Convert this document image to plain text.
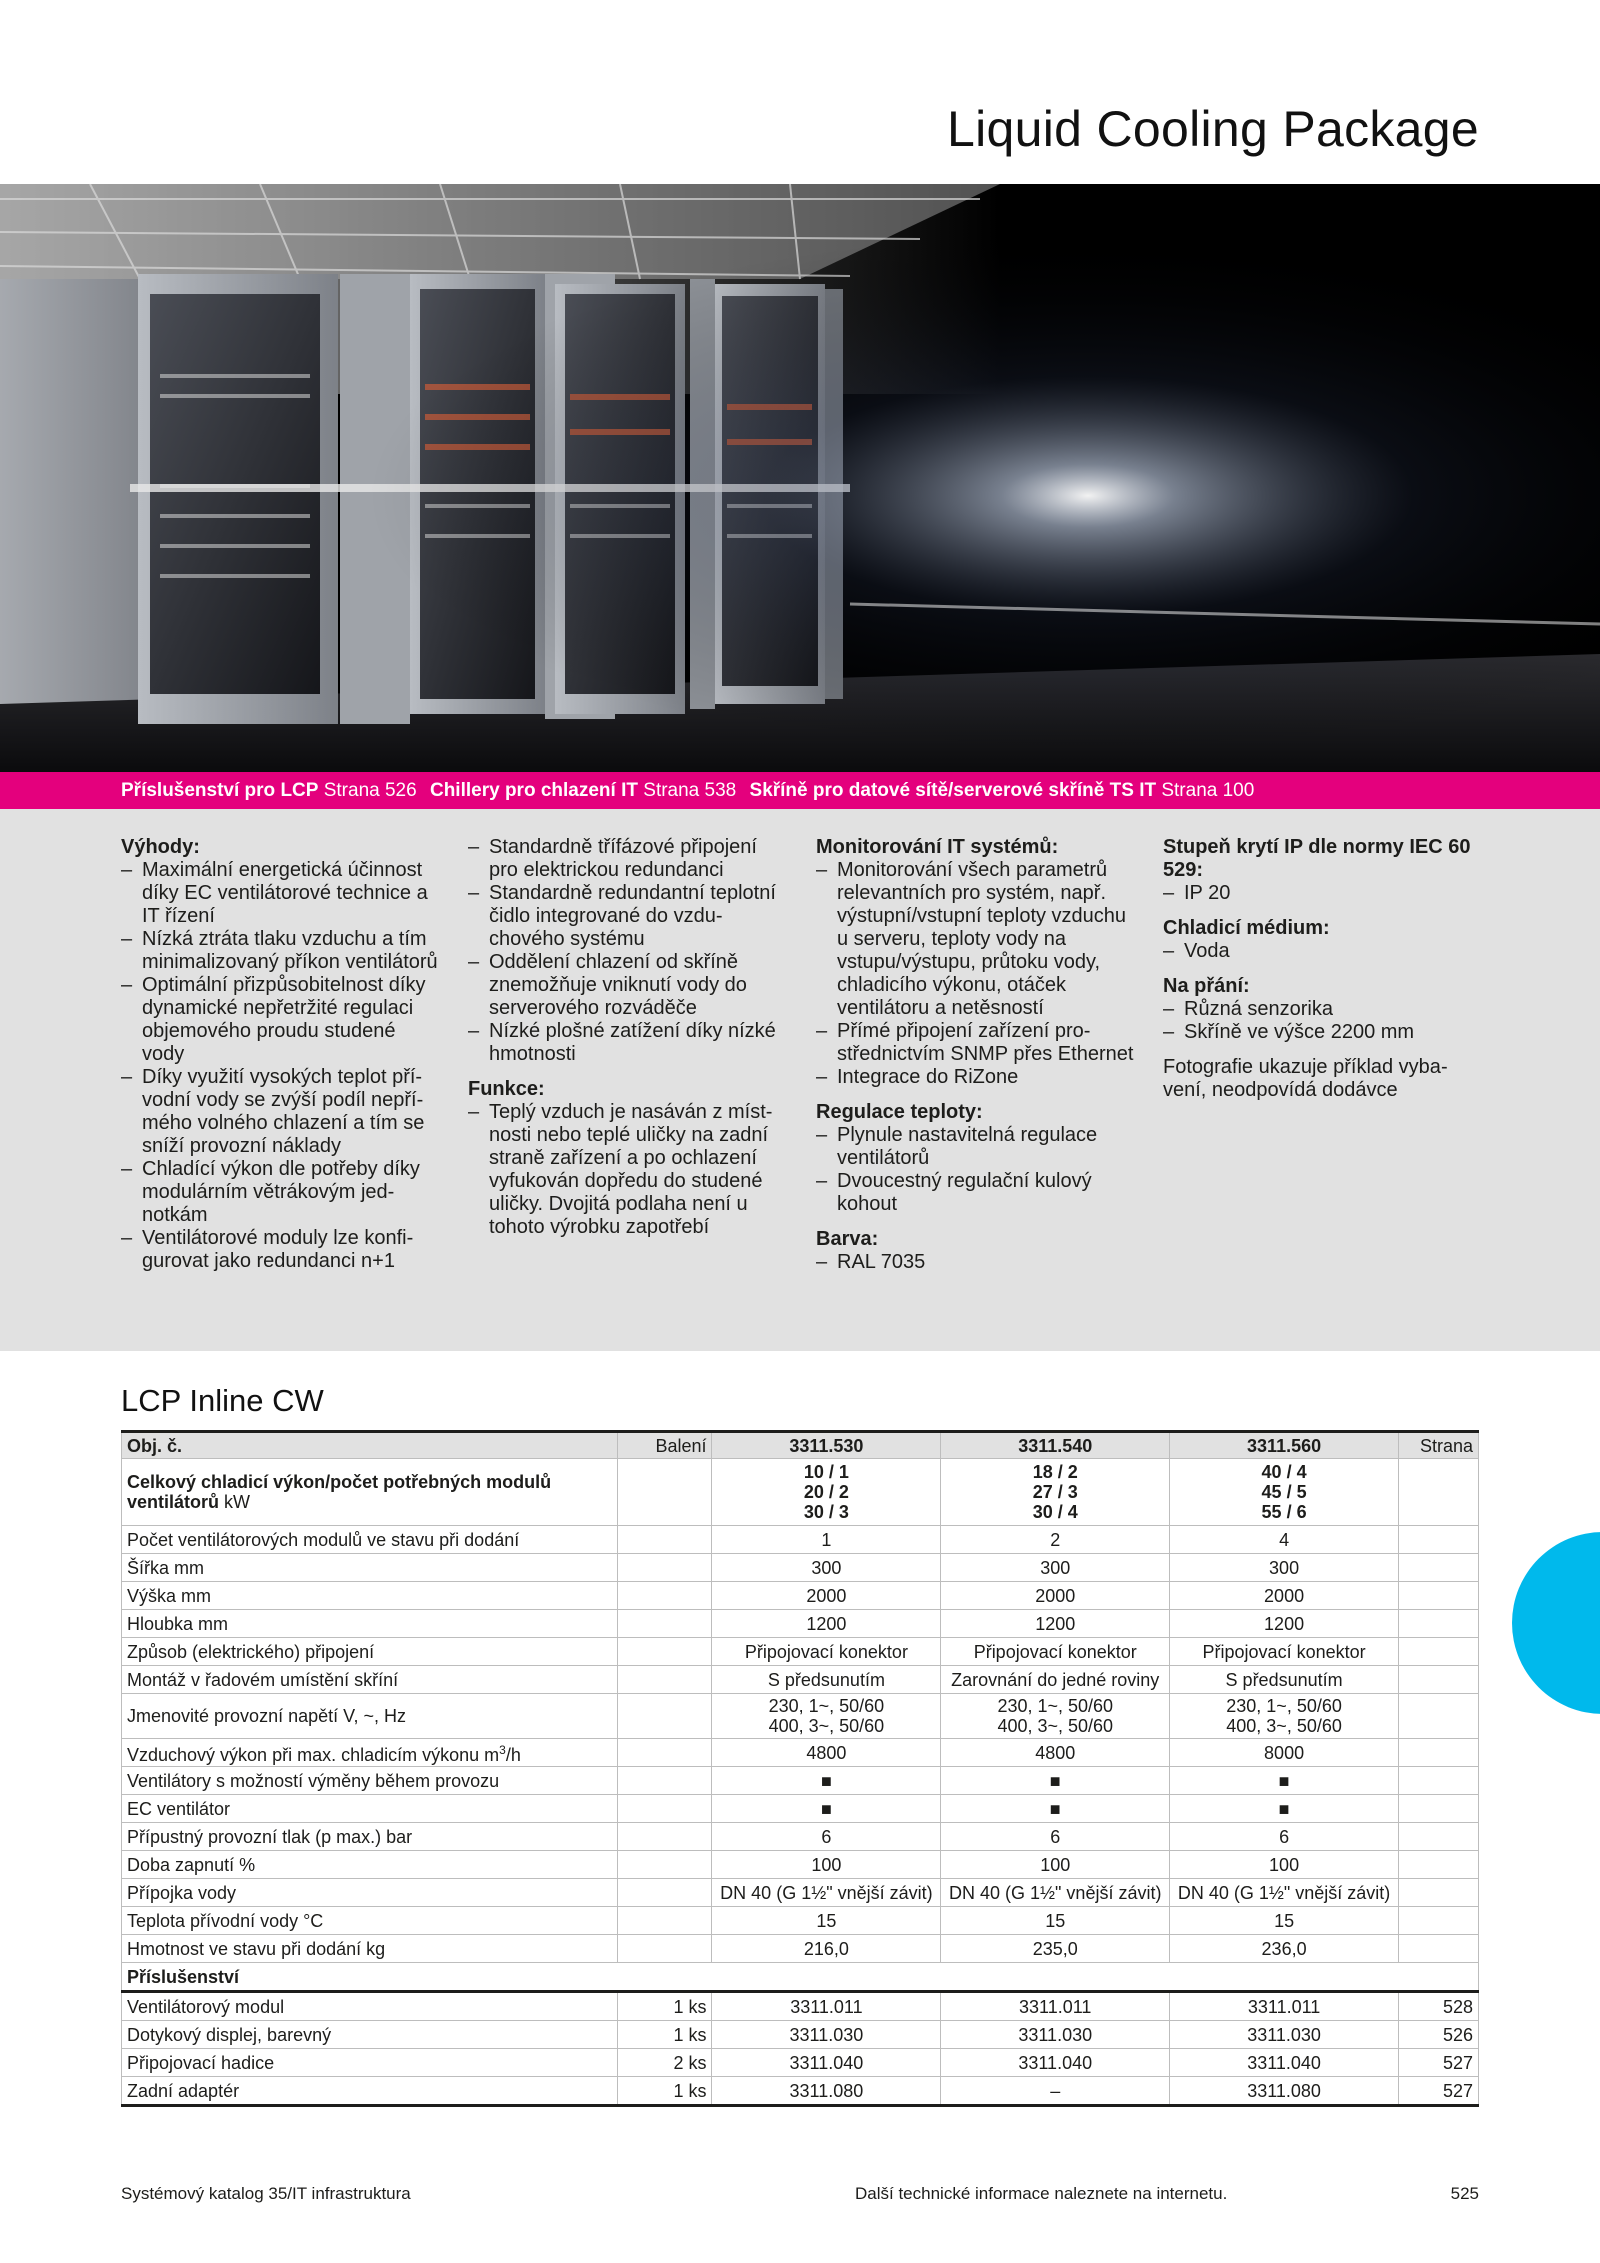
Liquid Cooling Package
Příslušenství pro LCP Strana 526 Chillery pro chlazení IT Strana 538 Skříně pro datové sítě/serverové skříně TS IT Strana 100
Výhody:
– Maximální energetická účinnost díky EC ventilátorové technice a IT řízení
– Nízká ztráta tlaku vzduchu a tím minimalizovaný příkon ventilátorů
– Optimální přizpůsobitelnost díky dynamické nepřetržité regulaci objemového proudu studené vody
– Díky využití vysokých teplot přívodní vody se zvýší podíl nepřímého volného chlazení a tím se sníží provozní náklady
– Chladící výkon dle potřeby díky modulárním větrákovým jednotkám
– Ventilátorové moduly lze konfigurovat jako redundanci n+1
– Standardně třífázové připojení pro elektrickou redundanci
– Standardně redundantní teplotní čidlo integrované do vzduchového systému
– Oddělení chlazení od skříně znemožňuje vniknutí vody do serverového rozváděče
– Nízké plošné zatížení díky nízké hmotnosti
Funkce:
– Teplý vzduch je nasáván z místnosti nebo teplé uličky na zadní straně zařízení a po ochlazení vyfukován dopředu do studené uličky. Dvojitá podlaha není u tohoto výrobku zapotřebí
Monitorování IT systémů:
– Monitorování všech parametrů relevantních pro systém, např. výstupní/vstupní teploty vzduchu u serveru, teploty vody na vstupu/výstupu, průtoku vody, chladicího výkonu, otáček ventilátoru a netěsností
– Přímé připojení zařízení prostřednictvím SNMP přes Ethernet
– Integrace do RiZone
Regulace teploty:
– Plynule nastavitelná regulace ventilátorů
– Dvoucestný regulační kulový kohout
Barva:
– RAL 7035
Stupeň krytí IP dle normy IEC 60 529:
– IP 20
Chladicí médium:
– Voda
Na přání:
– Různá senzorika
– Skříně ve výšce 2200 mm

Fotografie ukazuje příklad vybavení, neodpovídá dodávce

LCP Inline CW
Obj. č.	Balení	3311.530	3311.540	3311.560	Strana
Celkový chladicí výkon/počet potřebných modulů ventilátorů kW		10 / 1
20 / 2
30 / 3	18 / 2
27 / 3
30 / 4	40 / 4
45 / 5
55 / 6	

Počet ventilátorových modulů ve stavu při dodání		1	2	4	
Šířka mm		300	300	300	
Výška mm		2000	2000	2000	
Hloubka mm		1200	1200	1200	
Způsob (elektrického) připojení		Připojovací konektor	Připojovací konektor	Připojovací konektor	
Montáž v řadovém umístění skříní		S předsunutím	Zarovnání do jedné roviny	S předsunutím	
Jmenovité provozní napětí V, ~, Hz		230, 1~, 50/60
400, 3~, 50/60	230, 1~, 50/60
400, 3~, 50/60	230, 1~, 50/60
400, 3~, 50/60	

Vzduchový výkon při max. chladicím výkonu $m^3/h$		4800	4800	8000	
Ventilátory s možností výměny během provozu		■	■	■	
EC ventilátor		■	■	■	
Přípustný provozní tlak (p max.) bar		6	6	6	
Doba zapnutí %		100	100	100	
Přípojka vody		DN 40 (G 1½" vnější závit)	DN 40 (G 1½" vnější závit)	DN 40 (G 1½" vnější závit)	
Teplota přívodní vody °C		15	15	15	
Hmotnost ve stavu při dodání kg		216,0	235,0	236,0	
Příslušenství					
Ventilátorový modul	1 ks	3311.011	3311.011	3311.011	528
Dotykový displej, barevný	1 ks	3311.030	3311.030	3311.030	526
Připojovací hadice	2 ks	3311.040	3311.040	3311.040	527
Zadní adaptér	1 ks	3311.080	–	3311.080	527
Systémový katalog 35/IT infrastruktura	Další technické informace naleznete na internetu.	525
